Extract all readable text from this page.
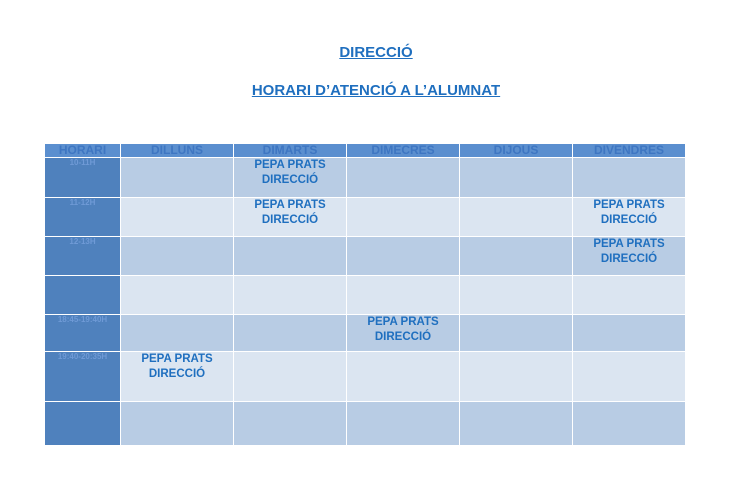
DIRECCIÓ

HORARI D’ATENCIÓ A L’ALUMNAT

HORARI	DILLUNS	DIMARTS	DIMECRES	DIJOUS	DIVENDRES
10-11H		PEPA PRATS
DIRECCIÓ			
11-12H		PEPA PRATS
DIRECCIÓ			PEPA PRATS
DIRECCIÓ
12-13H					PEPA PRATS
DIRECCIÓ

18:45-19:40H			PEPA PRATS
DIRECCIÓ		
19:40-20:35H	PEPA PRATS
DIRECCIÓ				
